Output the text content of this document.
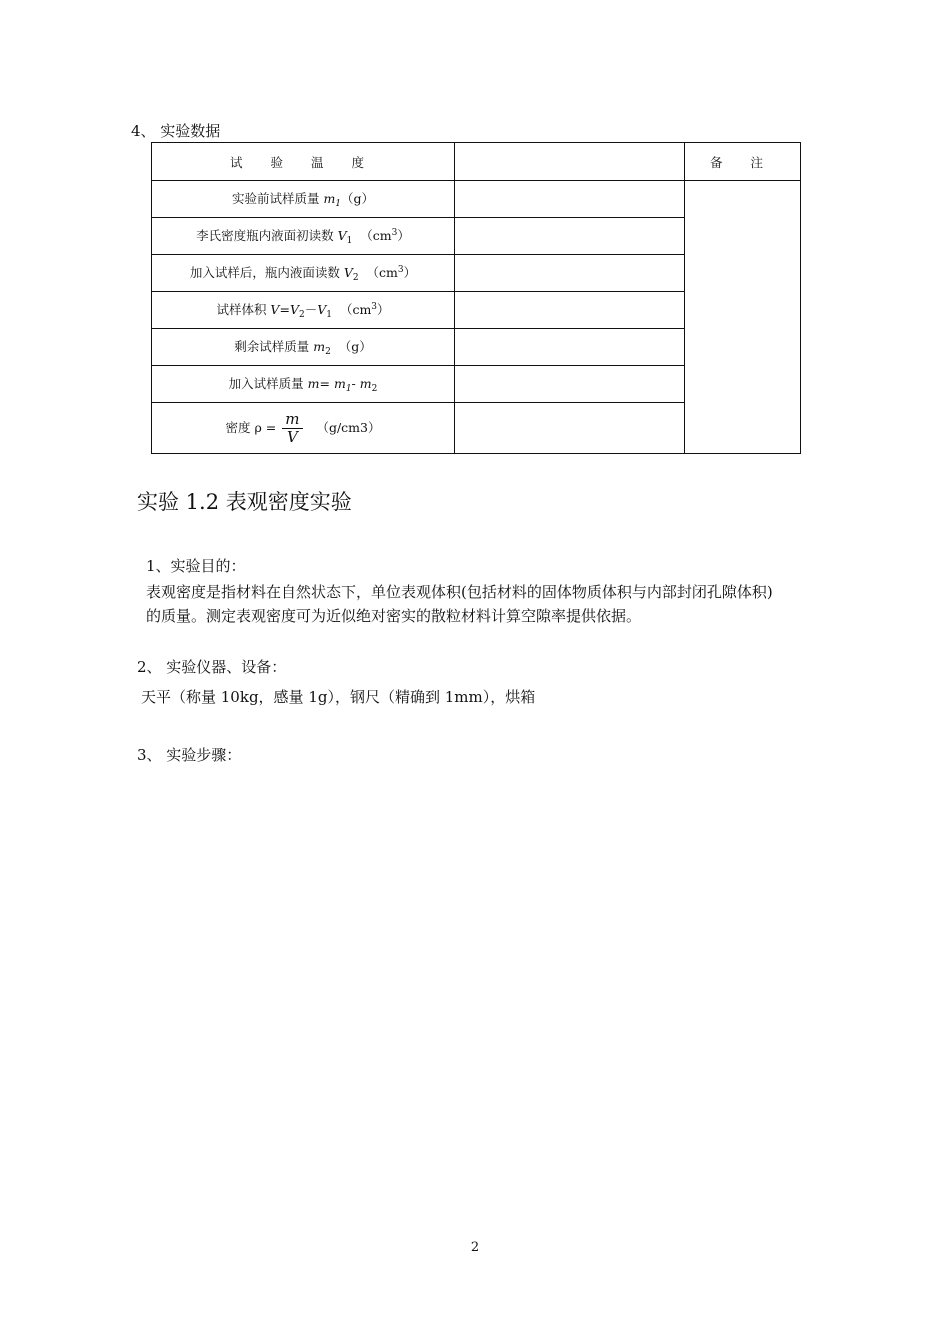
4、 实验数据
试 验 温 度		备 注
实验前试样质量 $m_1(g)$		
李氏密度瓶内液面初读数 $V_1$ $(cm^3)$		
加入试样后，瓶内液面读数 $V_2$ $(cm^3)$		
试样体积 $V=V_2-V_1$ $(cm^3)$		
剩余试样质量 $m_2$ （g）		
加入试样质量 $m= m_1-$ $m_2$	
密度 $\rho = \frac{m}{V} (g/cm3)$		
实验 1.2 表观密度实验
1、实验目的：
表观密度是指材料在自然状态下，单位表观体积(包括材料的固体物质体积与内部封闭孔隙体积)
的质量。测定表观密度可为近似绝对密实的散粒材料计算空隙率提供依据。
2、 实验仪器、设备：
天平（称量 10kg，感量 1g），钢尺（精确到 1mm），烘箱
3、 实验步骤：
2
